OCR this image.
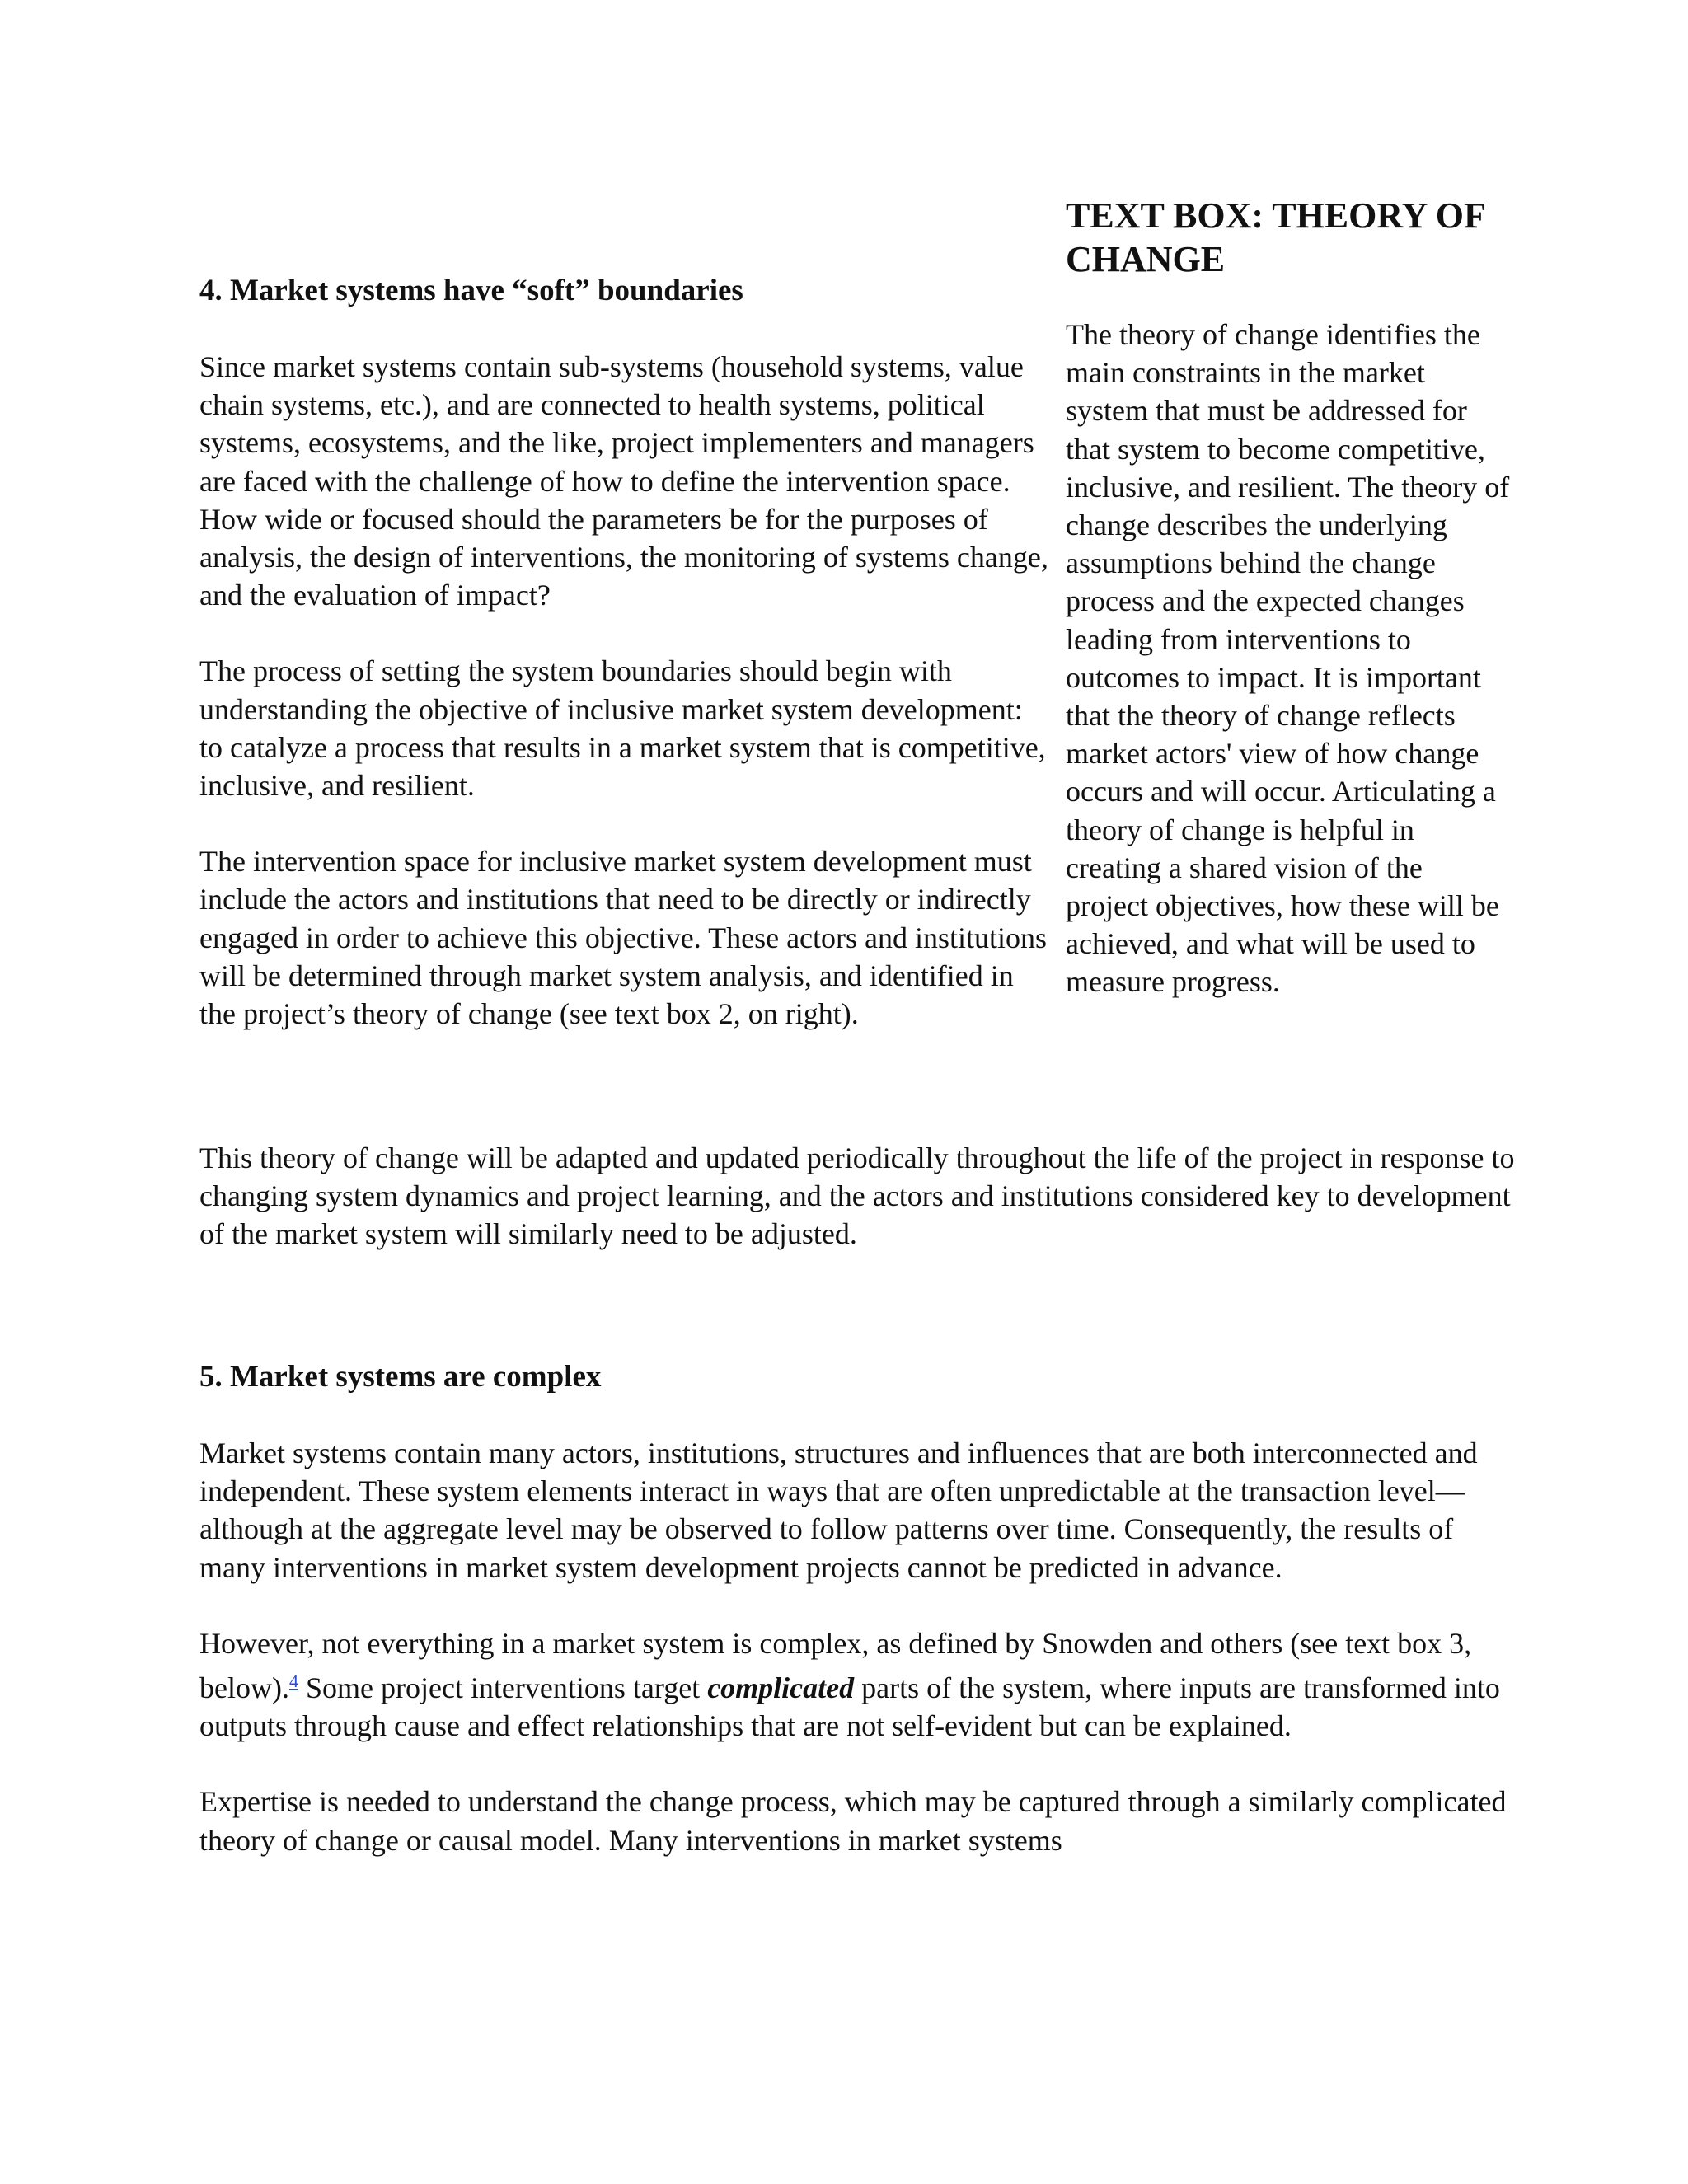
4. Market systems have “soft” boundaries

Since market systems contain sub-systems (household systems, value chain systems, etc.), and are connected to health systems, political systems, ecosystems, and the like, project implementers and managers are faced with the challenge of how to define the intervention space. How wide or focused should the parameters be for the purposes of analysis, the design of interventions, the monitoring of systems change, and the evaluation of impact?

The process of setting the system boundaries should begin with understanding the objective of inclusive market system development: to catalyze a process that results in a market system that is competitive, inclusive, and resilient.

The intervention space for inclusive market system development must include the actors and institutions that need to be directly or indirectly engaged in order to achieve this objective. These actors and institutions will be determined through market system analysis, and identified in the project’s theory of change (see text box 2, on right).

TEXT BOX: THEORY OF CHANGE

The theory of change identifies the main constraints in the market system that must be addressed for that system to become competitive, inclusive, and resilient. The theory of change describes the underlying assumptions behind the change process and the expected changes leading from interventions to outcomes to impact. It is important that the theory of change reflects market actors' view of how change occurs and will occur. Articulating a theory of change is helpful in creating a shared vision of the project objectives, how these will be achieved, and what will be used to measure progress.

This theory of change will be adapted and updated periodically throughout the life of the project in response to changing system dynamics and project learning, and the actors and institutions considered key to development of the market system will similarly need to be adjusted.

5. Market systems are complex

Market systems contain many actors, institutions, structures and influences that are both interconnected and independent. These system elements interact in ways that are often unpredictable at the transaction level—although at the aggregate level may be observed to follow patterns over time. Consequently, the results of many interventions in market system development projects cannot be predicted in advance.

However, not everything in a market system is complex, as defined by Snowden and others (see text box 3, below).$^4$ Some project interventions target complicated parts of the system, where inputs are transformed into outputs through cause and effect relationships that are not self-evident but can be explained.

Expertise is needed to understand the change process, which may be captured through a similarly complicated theory of change or causal model. Many interventions in market systems
